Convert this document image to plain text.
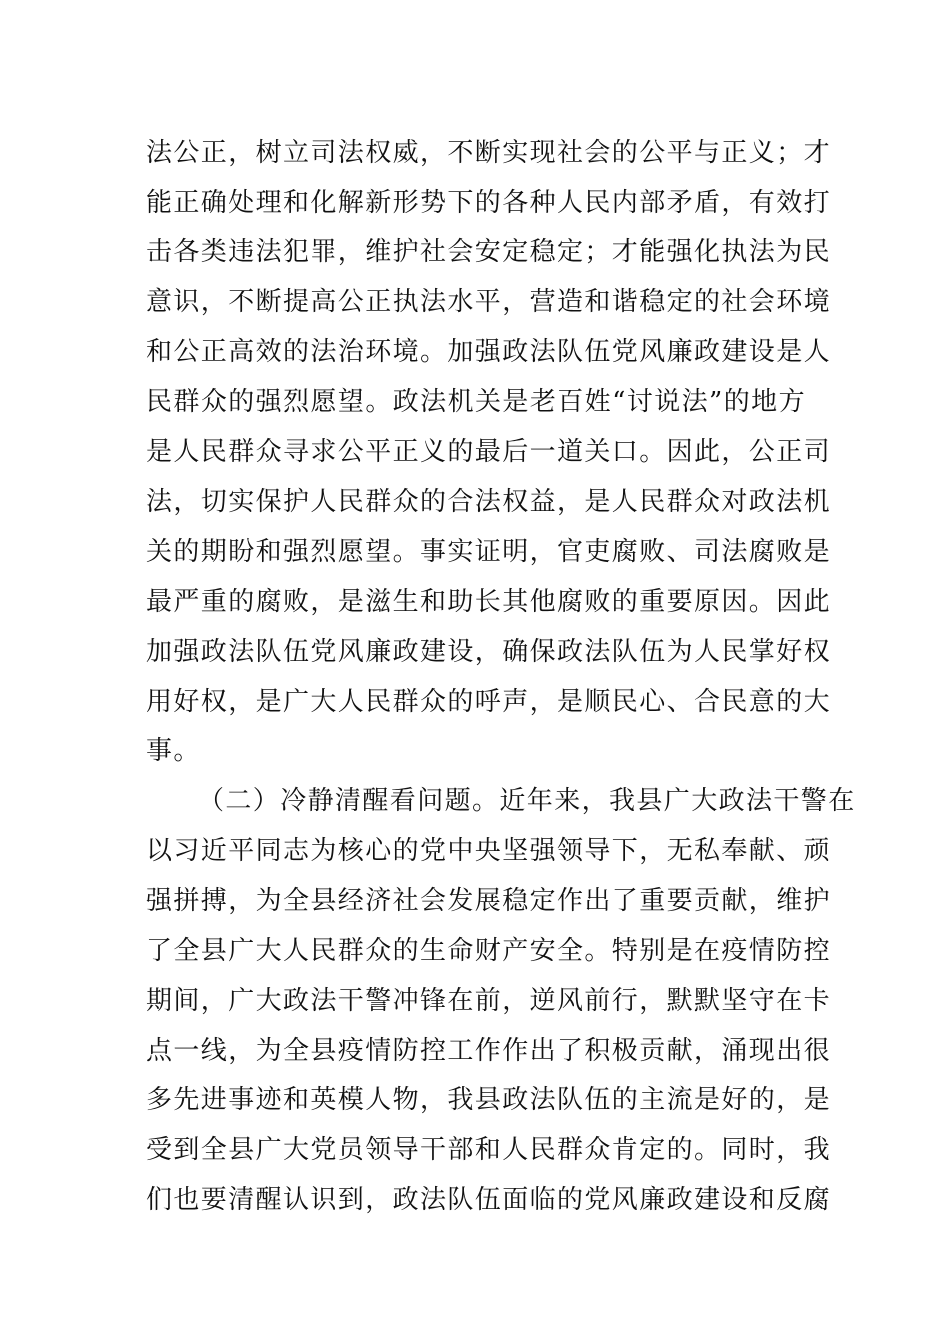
法公正，树立司法权威，不断实现社会的公平与正义；才
能正确处理和化解新形势下的各种人民内部矛盾，有效打
击各类违法犯罪，维护社会安定稳定；才能强化执法为民
意识，不断提高公正执法水平，营造和谐稳定的社会环境
和公正高效的法治环境。加强政法队伍党风廉政建设是人
民群众的强烈愿望。政法机关是老百姓“讨说法”的地方
是人民群众寻求公平正义的最后一道关口。因此，公正司
法，切实保护人民群众的合法权益，是人民群众对政法机
关的期盼和强烈愿望。事实证明，官吏腐败、司法腐败是
最严重的腐败，是滋生和助长其他腐败的重要原因。因此
加强政法队伍党风廉政建设，确保政法队伍为人民掌好权
用好权，是广大人民群众的呼声，是顺民心、合民意的大
事。
（二）冷静清醒看问题。近年来，我县广大政法干警在
以习近平同志为核心的党中央坚强领导下，无私奉献、顽
强拼搏，为全县经济社会发展稳定作出了重要贡献，维护
了全县广大人民群众的生命财产安全。特别是在疫情防控
期间，广大政法干警冲锋在前，逆风前行，默默坚守在卡
点一线，为全县疫情防控工作作出了积极贡献，涌现出很
多先进事迹和英模人物，我县政法队伍的主流是好的，是
受到全县广大党员领导干部和人民群众肯定的。同时，我
们也要清醒认识到，政法队伍面临的党风廉政建设和反腐
